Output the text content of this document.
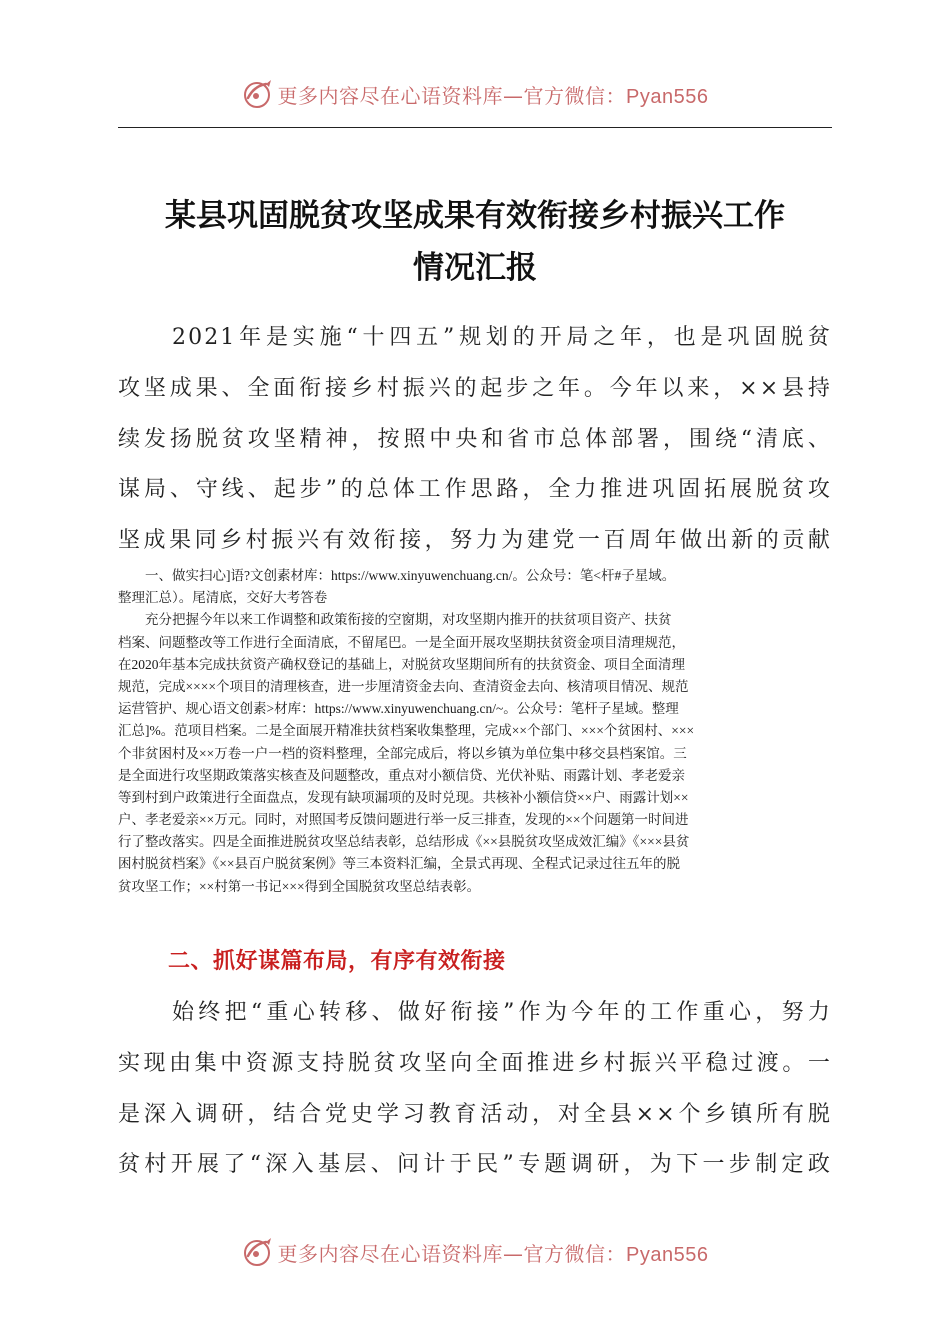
更多内容尽在心语资料库—官方微信：Pyan556
某县巩固脱贫攻坚成果有效衔接乡村振兴工作
情况汇报
2021年是实施“十四五”规划的开局之年，也是巩固脱贫
攻坚成果、全面衔接乡村振兴的起步之年。今年以来，××县持
续发扬脱贫攻坚精神，按照中央和省市总体部署，围绕“清底、
谋局、守线、起步”的总体工作思路，全力推进巩固拓展脱贫攻
坚成果同乡村振兴有效衔接，努力为建党一百周年做出新的贡献
一、做实扫心]语?文创素材库：https://www.xinyuwenchuang.cn/。公众号：笔<杆#子星域。
整理汇总）。尾清底，交好大考答卷
充分把握今年以来工作调整和政策衔接的空窗期，对攻坚期内推开的扶贫项目资产、扶贫
档案、问题整改等工作进行全面清底，不留尾巴。一是全面开展攻坚期扶贫资金项目清理规范，
在2020年基本完成扶贫资产确权登记的基础上，对脱贫攻坚期间所有的扶贫资金、项目全面清理
规范，完成××××个项目的清理核查，进一步厘清资金去向、查清资金去向、核清项目情况、规范
运营管护、规心语文创素>材库：https://www.xinyuwenchuang.cn/~。公众号：笔杆子星域。整理
汇总]%。范项目档案。二是全面展开精准扶贫档案收集整理，完成××个部门、×××个贫困村、×××
个非贫困村及××万卷一户一档的资料整理，全部完成后，将以乡镇为单位集中移交县档案馆。三
是全面进行攻坚期政策落实核查及问题整改，重点对小额信贷、光伏补贴、雨露计划、孝老爱亲
等到村到户政策进行全面盘点，发现有缺项漏项的及时兑现。共核补小额信贷××户、雨露计划××
户、孝老爱亲××万元。同时，对照国考反馈问题进行举一反三排查，发现的××个问题第一时间进
行了整改落实。四是全面推进脱贫攻坚总结表彰，总结形成《××县脱贫攻坚成效汇编》《×××县贫
困村脱贫档案》《××县百户脱贫案例》等三本资料汇编，全景式再现、全程式记录过往五年的脱
贫攻坚工作；××村第一书记×××得到全国脱贫攻坚总结表彰。
二、抓好谋篇布局，有序有效衔接
始终把“重心转移、做好衔接”作为今年的工作重心，努力
实现由集中资源支持脱贫攻坚向全面推进乡村振兴平稳过渡。一
是深入调研，结合党史学习教育活动，对全县××个乡镇所有脱
贫村开展了“深入基层、问计于民”专题调研，为下一步制定政
更多内容尽在心语资料库—官方微信：Pyan556
